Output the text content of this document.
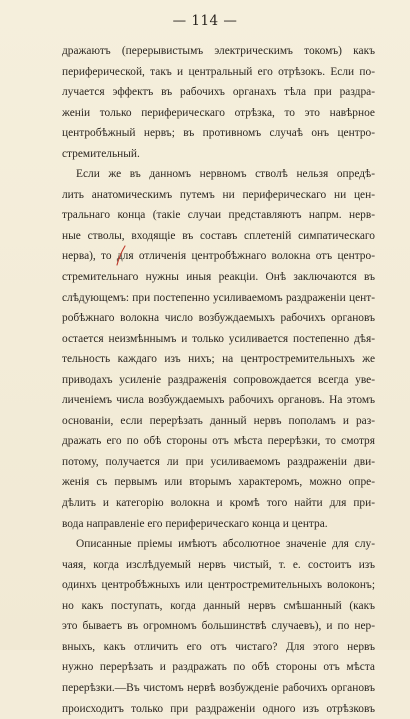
— 114 —
дражаютъ (перерывистымъ электрическимъ токомъ) какъ
периферической, такъ и центральный его отрѣзокъ. Если по-
лучается эффектъ въ рабочихъ органахъ тѣла при раздра-
женіи только периферическаго отрѣзка, то это навѣрное
центробѣжный нервъ; въ противномъ случаѣ онъ центро-
стремительный.
Если же въ данномъ нервномъ стволѣ нельзя опредѣ-
лить анатомическимъ путемъ ни периферическаго ни цен-
тральнаго конца (такіе случаи представляютъ напрм. нерв-
ные стволы, входящіе въ составъ сплетеній симпатическаго
нерва), то для отличенія центробѣжнаго волокна отъ центро-
стремительнаго нужны иныя реакціи. Онѣ заключаются въ
слѣдующемъ: при постепенно усиливаемомъ раздраженіи цент-
робѣжнаго волокна число возбуждаемыхъ рабочихъ органовъ
остается неизмѣннымъ и только усиливается постепенно дѣя-
тельность каждаго изъ нихъ; на центростремительныхъ же
приводахъ усиленіе раздраженія сопровождается всегда уве-
личеніемъ числа возбуждаемыхъ рабочихъ органовъ. На этомъ
основаніи, если перерѣзать данный нервъ пополамъ и раз-
дражать его по обѣ стороны отъ мѣста перерѣзки, то смотря
потому, получается ли при усиливаемомъ раздраженіи дви-
женія съ первымъ или вторымъ характеромъ, можно опре-
дѣлить и категорію волокна и кромѣ того найти для при-
вода направленіе его периферическаго конца и центра.
Описанные пріемы имѣютъ абсолютное значеніе для слу-
чаяя, когда изслѣдуемый нервъ чистый, т. е. состоитъ изъ
одинхъ центробѣжныхъ или центростремительныхъ волоконъ;
но какъ поступать, когда данный нервъ смѣшанный (какъ
это бываетъ въ огромномъ большинствѣ случаевъ), и по нер-
вныхъ, какъ отличить его отъ чистаго? Для этого нервъ
нужно перерѣзать и раздражать по обѣ стороны отъ мѣста
перерѣзки.—Въ чистомъ нервѣ возбужденіе рабочихъ органовъ
происходитъ только при раздраженіи одного изъ отрѣзковъ
